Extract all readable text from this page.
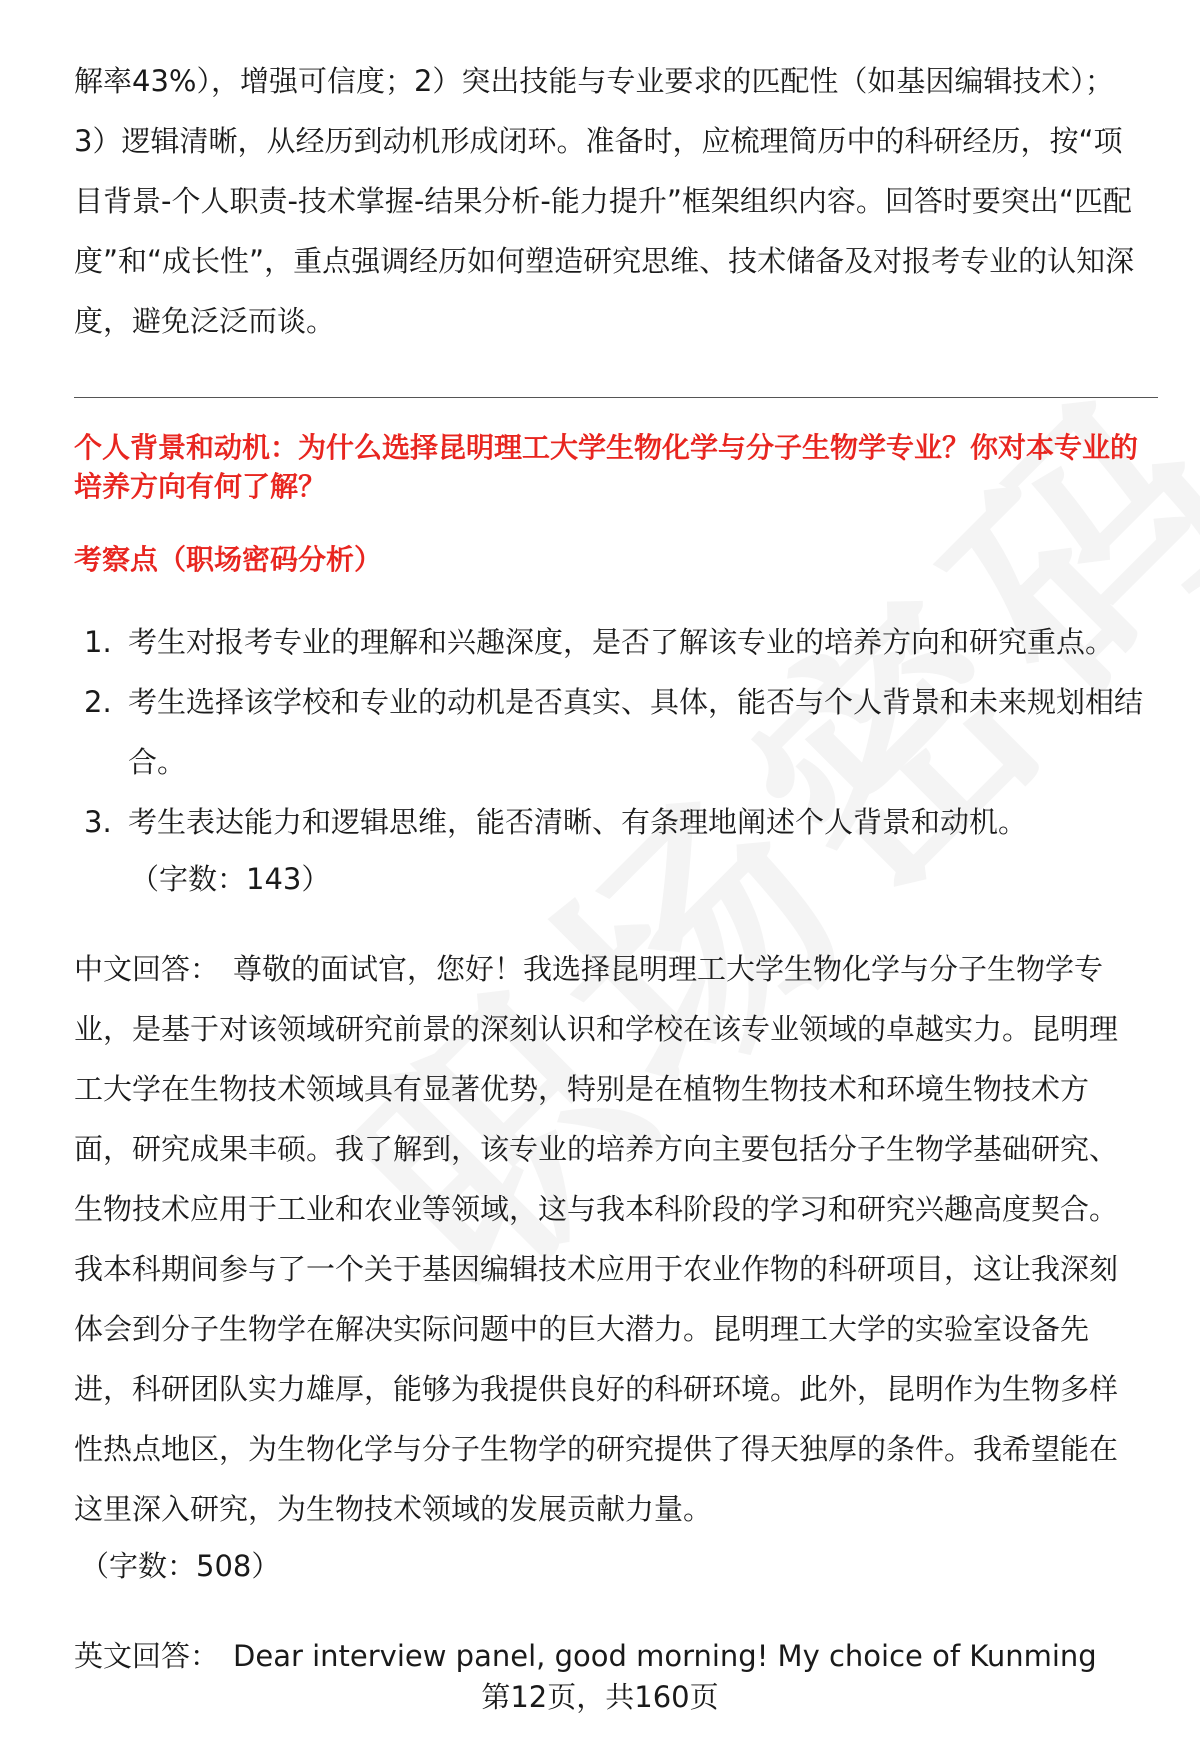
解率43%），增强可信度；2）突出技能与专业要求的匹配性（如基因编辑技术）；3）逻辑清晰，从经历到动机形成闭环。准备时，应梳理简历中的科研经历，按“项目背景-个人职责-技术掌握-结果分析-能力提升”框架组织内容。回答时要突出“匹配度”和“成长性”，重点强调经历如何塑造研究思维、技术储备及对报考专业的认知深度，避免泛泛而谈。

个人背景和动机：为什么选择昆明理工大学生物化学与分子生物学专业？你对本专业的培养方向有何了解？

考察点（职场密码分析）

1. 考生对报考专业的理解和兴趣深度，是否了解该专业的培养方向和研究重点。
2. 考生选择该学校和专业的动机是否真实、具体，能否与个人背景和未来规划相结合。
3. 考生表达能力和逻辑思维，能否清晰、有条理地阐述个人背景和动机。

（字数：143）

中文回答： 尊敬的面试官，您好！我选择昆明理工大学生物化学与分子生物学专业，是基于对该领域研究前景的深刻认识和学校在该专业领域的卓越实力。昆明理工大学在生物技术领域具有显著优势，特别是在植物生物技术和环境生物技术方面，研究成果丰硕。我了解到，该专业的培养方向主要包括分子生物学基础研究、生物技术应用于工业和农业等领域，这与我本科阶段的学习和研究兴趣高度契合。我本科期间参与了一个关于基因编辑技术应用于农业作物的科研项目，这让我深刻体会到分子生物学在解决实际问题中的巨大潜力。昆明理工大学的实验室设备先进，科研团队实力雄厚，能够为我提供良好的科研环境。此外，昆明作为生物多样性热点地区，为生物化学与分子生物学的研究提供了得天独厚的条件。我希望能在这里深入研究，为生物技术领域的发展贡献力量。

（字数：508）

英文回答： Dear interview panel, good morning! My choice of Kunming

第12页，共160页
